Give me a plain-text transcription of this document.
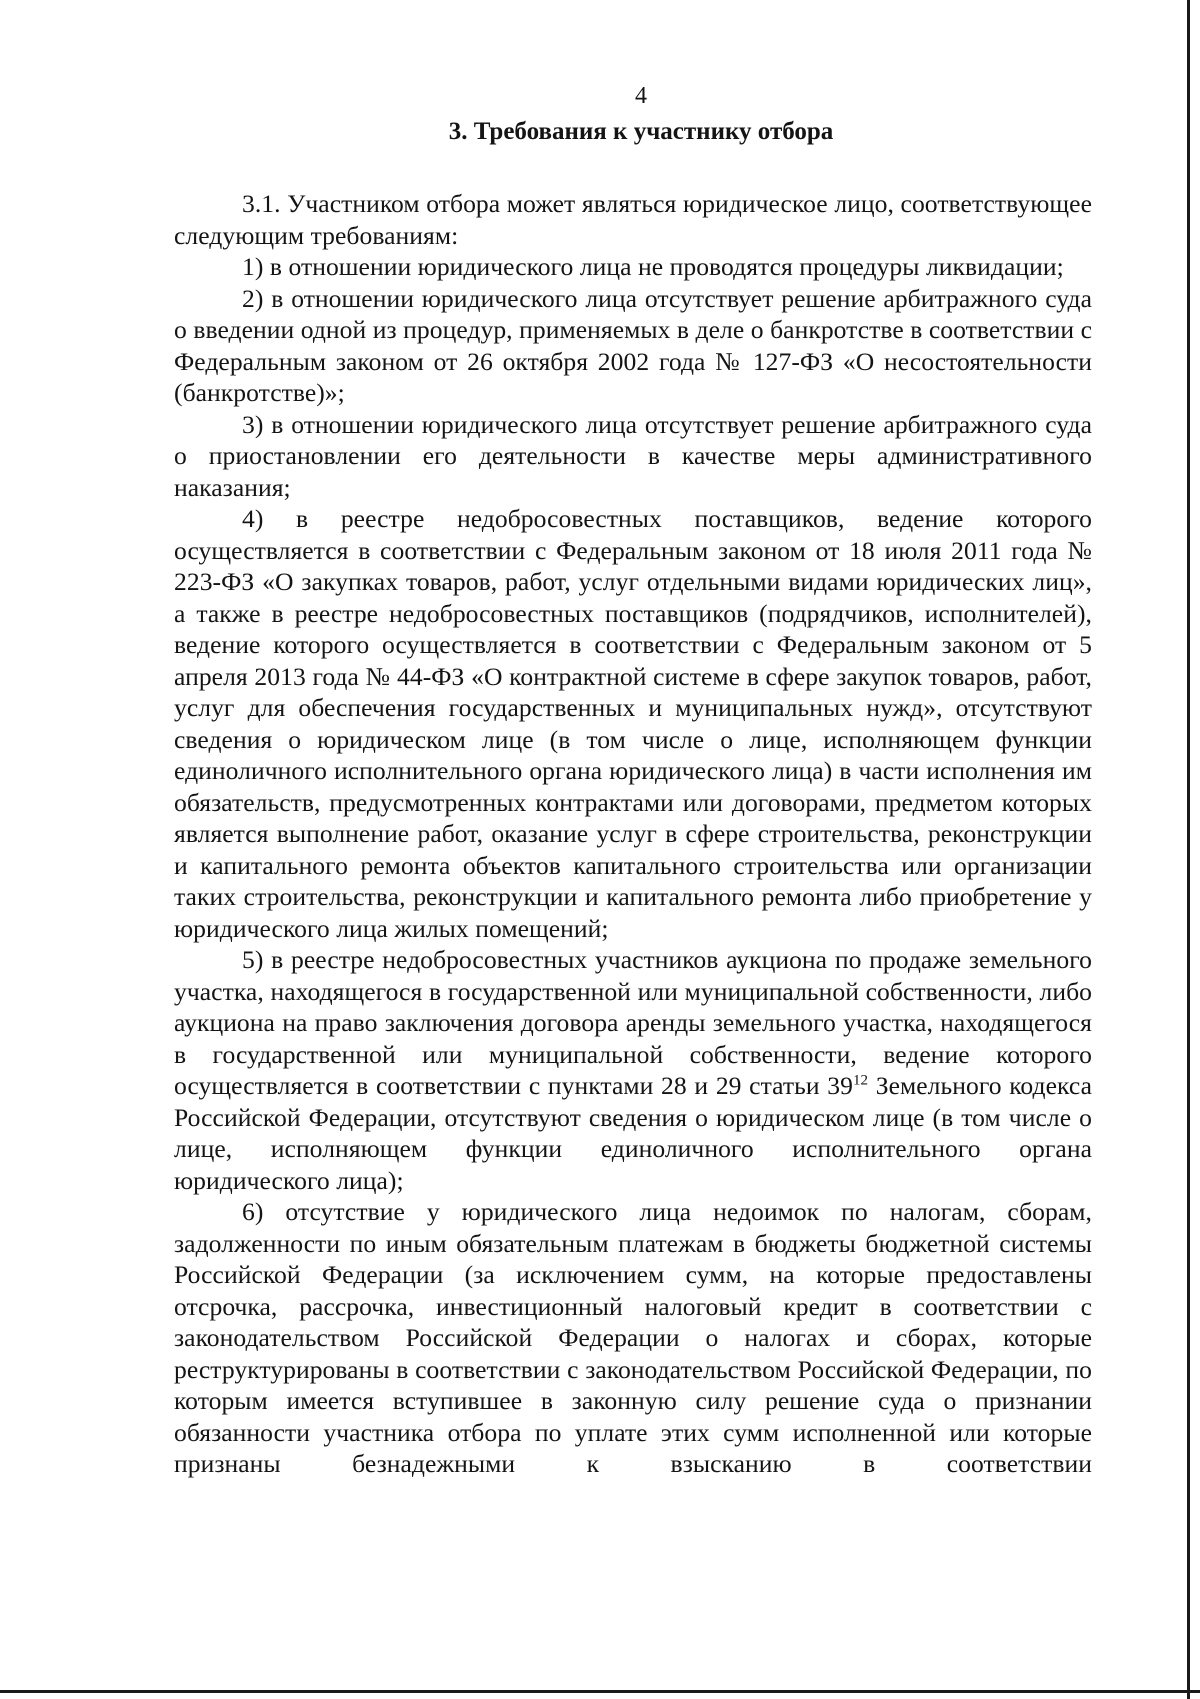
4

3. Требования к участнику отбора

3.1. Участником отбора может являться юридическое лицо, соответствующее следующим требованиям:

1) в отношении юридического лица не проводятся процедуры ликвидации;

2) в отношении юридического лица отсутствует решение арбитражного суда о введении одной из процедур, применяемых в деле о банкротстве в соответствии с Федеральным законом от 26 октября 2002 года № 127-ФЗ «О несостоятельности (банкротстве)»;

3) в отношении юридического лица отсутствует решение арбитражного суда о приостановлении его деятельности в качестве меры административного наказания;

4) в реестре недобросовестных поставщиков, ведение которого осуществляется в соответствии с Федеральным законом от 18 июля 2011 года № 223-ФЗ «О закупках товаров, работ, услуг отдельными видами юридических лиц», а также в реестре недобросовестных поставщиков (подрядчиков, исполнителей), ведение которого осуществляется в соответствии с Федеральным законом от 5 апреля 2013 года № 44-ФЗ «О контрактной системе в сфере закупок товаров, работ, услуг для обеспечения государственных и муниципальных нужд», отсутствуют сведения о юридическом лице (в том числе о лице, исполняющем функции единоличного исполнительного органа юридического лица) в части исполнения им обязательств, предусмотренных контрактами или договорами, предметом которых является выполнение работ, оказание услуг в сфере строительства, реконструкции и капитального ремонта объектов капитального строительства или организации таких строительства, реконструкции и капитального ремонта либо приобретение у юридического лица жилых помещений;

5) в реестре недобросовестных участников аукциона по продаже земельного участка, находящегося в государственной или муниципальной собственности, либо аукциона на право заключения договора аренды земельного участка, находящегося в государственной или муниципальной собственности, ведение которого осуществляется в соответствии с пунктами 28 и 29 статьи $39^{12}$ Земельного кодекса Российской Федерации, отсутствуют сведения о юридическом лице (в том числе о лице, исполняющем функции единоличного исполнительного органа юридического лица);

6) отсутствие у юридического лица недоимок по налогам, сборам, задолженности по иным обязательным платежам в бюджеты бюджетной системы Российской Федерации (за исключением сумм, на которые предоставлены отсрочка, рассрочка, инвестиционный налоговый кредит в соответствии с законодательством Российской Федерации о налогах и сборах, которые реструктурированы в соответствии с законодательством Российской Федерации, по которым имеется вступившее в законную силу решение суда о признании обязанности участника отбора по уплате этих сумм исполненной или которые признаны безнадежными к взысканию в соответствии
